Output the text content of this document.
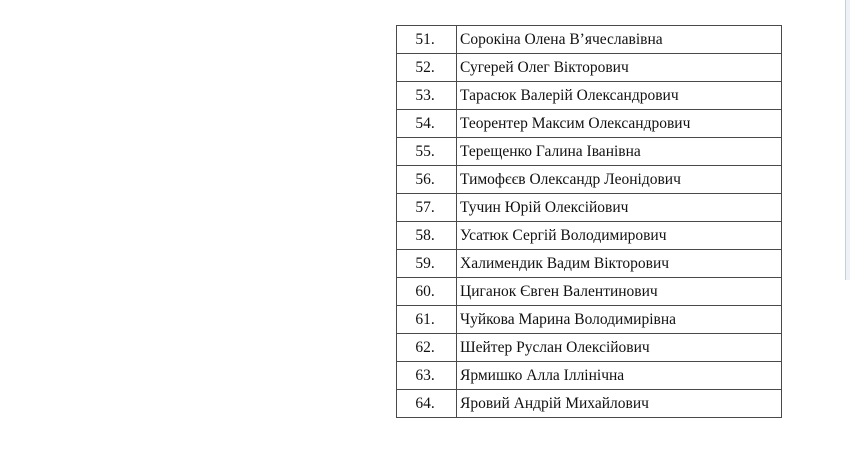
51.	Сорокіна Олена В’ячеславівна
52.	Сугерей Олег Вікторович
53.	Тарасюк Валерій Олександрович
54.	Теорентер Максим Олександрович
55.	Терещенко Галина Іванівна
56.	Тимофєєв Олександр Леонідович
57.	Тучин Юрій Олексійович
58.	Усатюк Сергій Володимирович
59.	Халимендик Вадим Вікторович
60.	Циганок Євген Валентинович
61.	Чуйкова Марина Володимирівна
62.	Шейтер Руслан Олексійович
63.	Ярмишко Алла Іллінічна
64.	Яровий Андрій Михайлович
